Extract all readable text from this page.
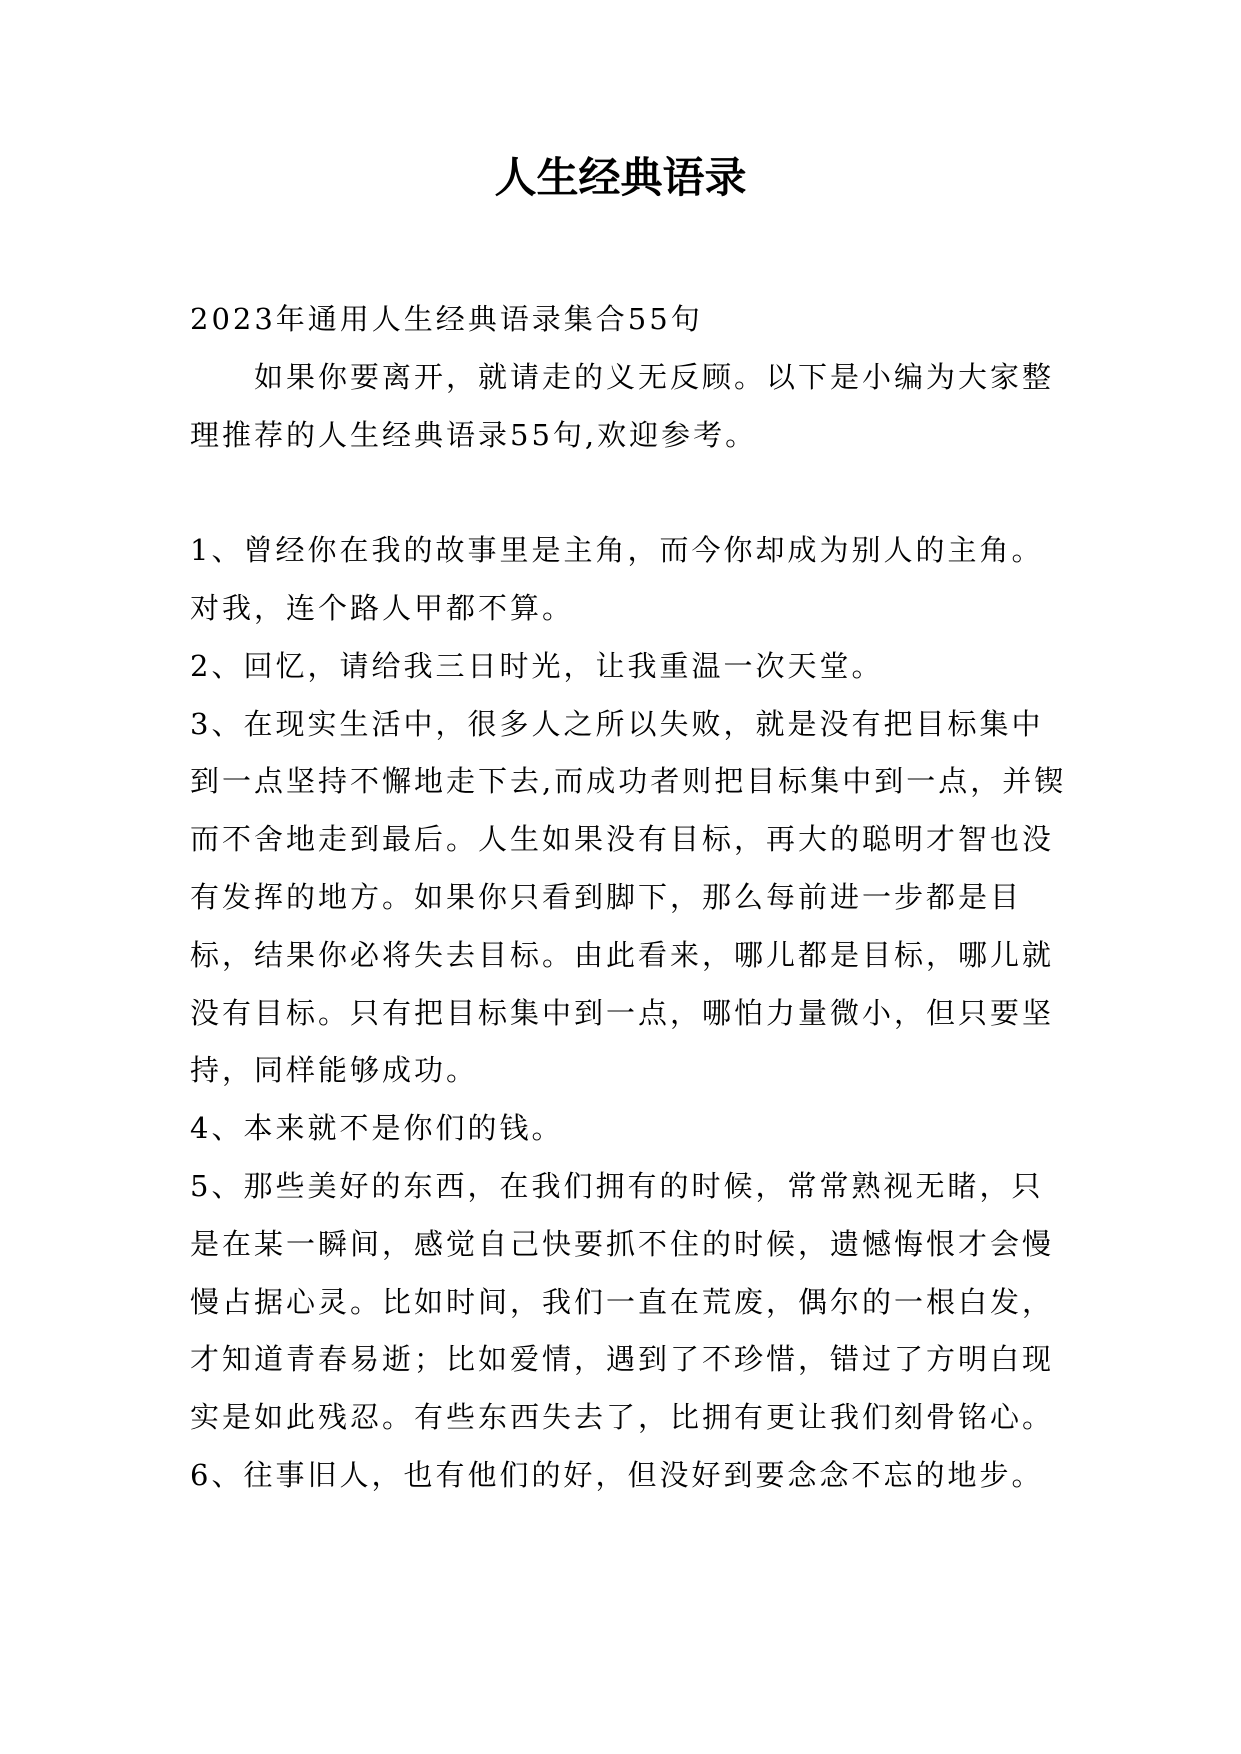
人生经典语录

2023年通用人生经典语录集合55句

如果你要离开，就请走的义无反顾。以下是小编为大家整理推荐的人生经典语录55句,欢迎参考。

1、曾经你在我的故事里是主角，而今你却成为别人的主角。对我，连个路人甲都不算。

2、回忆，请给我三日时光，让我重温一次天堂。

3、在现实生活中，很多人之所以失败，就是没有把目标集中到一点坚持不懈地走下去,而成功者则把目标集中到一点，并锲而不舍地走到最后。人生如果没有目标，再大的聪明才智也没有发挥的地方。如果你只看到脚下，那么每前进一步都是目标，结果你必将失去目标。由此看来，哪儿都是目标，哪儿就没有目标。只有把目标集中到一点，哪怕力量微小，但只要坚持，同样能够成功。

4、本来就不是你们的钱。

5、那些美好的东西，在我们拥有的时候，常常熟视无睹，只是在某一瞬间，感觉自己快要抓不住的时候，遗憾悔恨才会慢慢占据心灵。比如时间，我们一直在荒废，偶尔的一根白发，才知道青春易逝；比如爱情，遇到了不珍惜，错过了方明白现实是如此残忍。有些东西失去了，比拥有更让我们刻骨铭心。

6、往事旧人，也有他们的好，但没好到要念念不忘的地步。
